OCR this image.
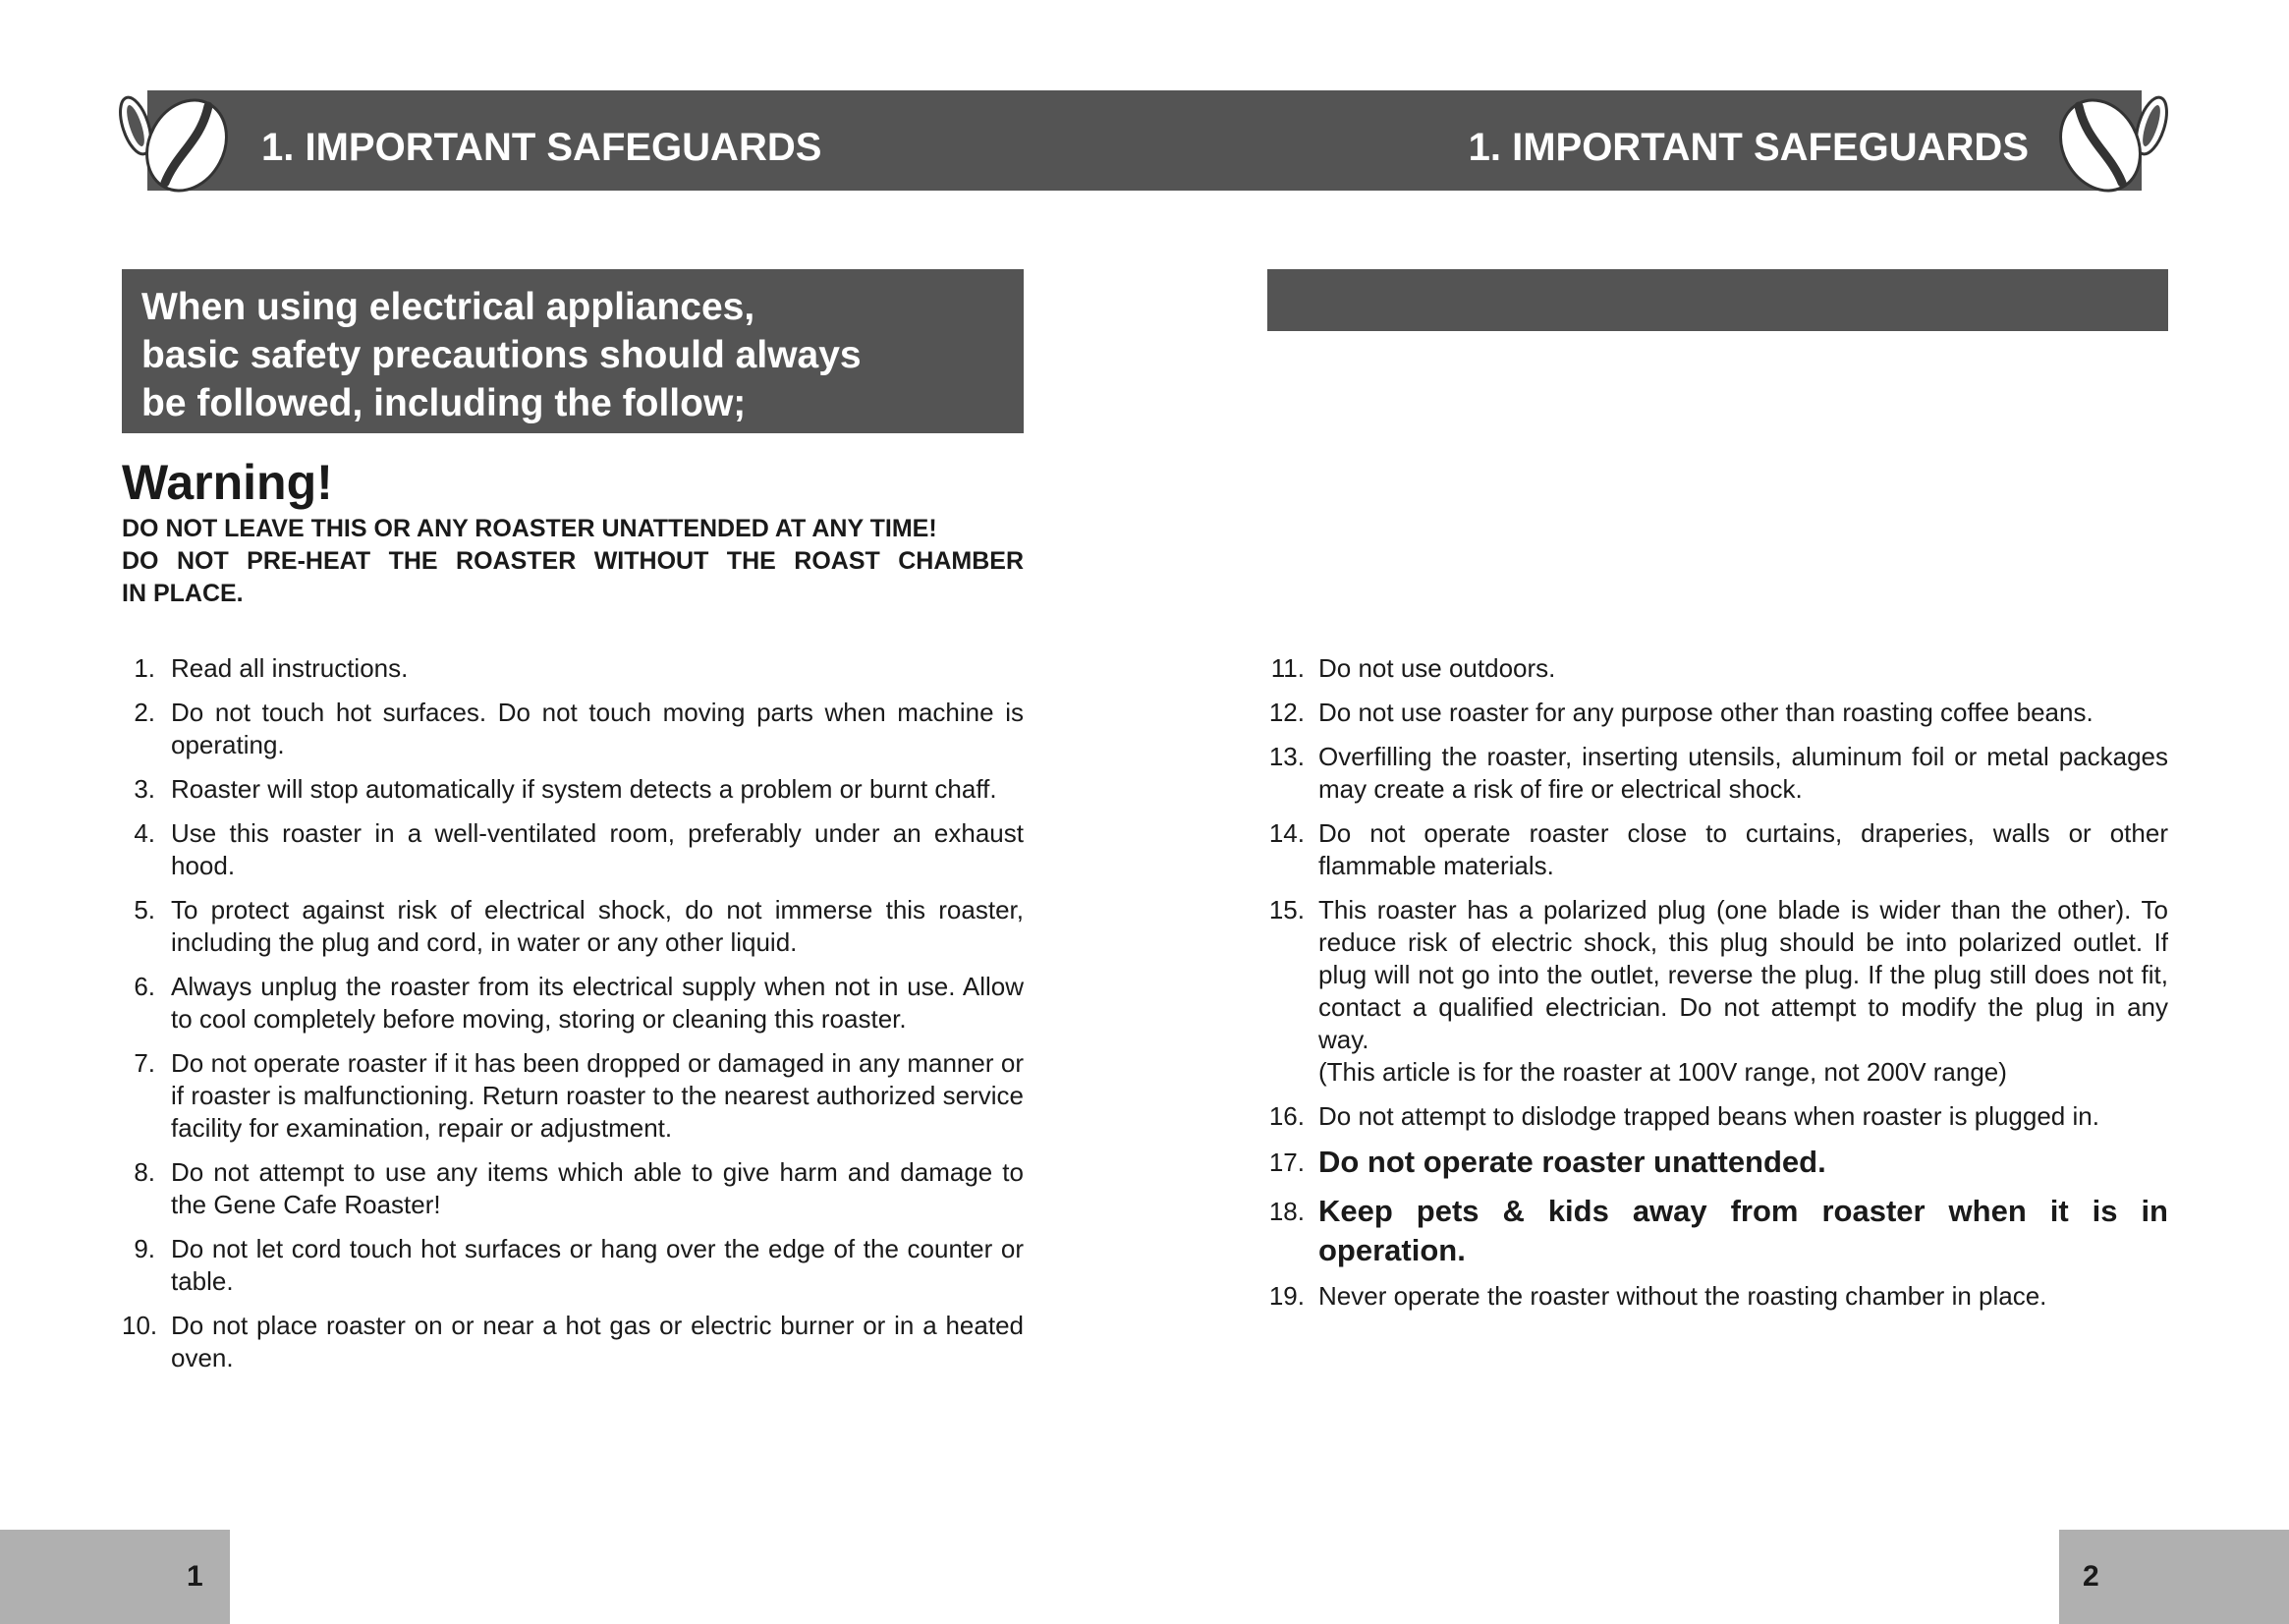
1. IMPORTANT SAFEGUARDS	1. IMPORTANT SAFEGUARDS
When using electrical appliances,
basic safety precautions should always
be followed, including the follow;
Warning!
DO NOT LEAVE THIS OR ANY ROASTER UNATTENDED AT ANY TIME!
DO NOT PRE-HEAT THE ROASTER WITHOUT THE ROAST CHAMBER
IN PLACE.
1. Read all instructions.
2. Do not touch hot surfaces. Do not touch moving parts when machine is operating.
3. Roaster will stop automatically if system detects a problem or burnt chaff.
4. Use this roaster in a well-ventilated room, preferably under an exhaust hood.
5. To protect against risk of electrical shock, do not immerse this roaster, including the plug and cord, in water or any other liquid.
6. Always unplug the roaster from its electrical supply when not in use. Allow to cool completely before moving, storing or cleaning this roaster.
7. Do not operate roaster if it has been dropped or damaged in any manner or if roaster is malfunctioning. Return roaster to the nearest authorized service facility for examination, repair or adjustment.
8. Do not attempt to use any items which able to give harm and damage to the Gene Cafe Roaster!
9. Do not let cord touch hot surfaces or hang over the edge of the counter or table.
10. Do not place roaster on or near a hot gas or electric burner or in a heated oven.
11. Do not use outdoors.
12. Do not use roaster for any purpose other than roasting coffee beans.
13. Overfilling the roaster, inserting utensils, aluminum foil or metal packages may create a risk of fire or electrical shock.
14. Do not operate roaster close to curtains, draperies, walls or other flammable materials.
15. This roaster has a polarized plug (one blade is wider than the other). To reduce risk of electric shock, this plug should be into polarized outlet. If plug will not go into the outlet, reverse the plug. If the plug still does not fit, contact a qualified electrician. Do not attempt to modify the plug in any way.
(This article is for the roaster at 100V range, not 200V range)
16. Do not attempt to dislodge trapped beans when roaster is plugged in.
17. Do not operate roaster unattended.
18. Keep pets & kids away from roaster when it is in operation.
19. Never operate the roaster without the roasting chamber in place.
1	2
